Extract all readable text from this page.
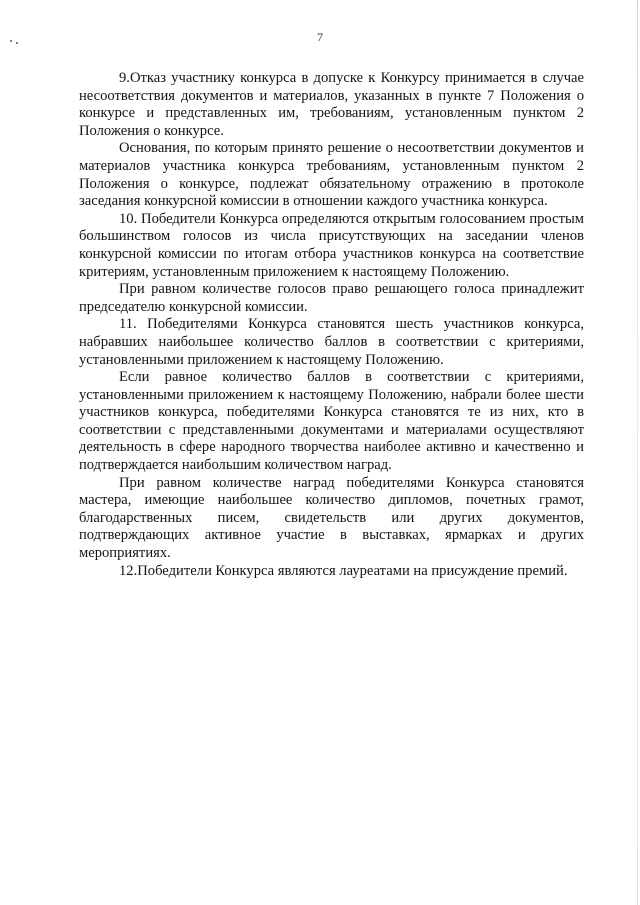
7

9.Отказ участнику конкурса в допуске к Конкурсу принимается в случае несоответствия документов и материалов, указанных в пункте 7 Положения о конкурсе и представленных им, требованиям, установленным пунктом 2 Положения о конкурсе.

Основания, по которым принято решение о несоответствии документов и материалов участника конкурса требованиям, установленным пунктом 2 Положения о конкурсе, подлежат обязательному отражению в протоколе заседания конкурсной комиссии в отношении каждого участника конкурса.

10. Победители Конкурса определяются открытым голосованием простым большинством голосов из числа присутствующих на заседании членов конкурсной комиссии по итогам отбора участников конкурса на соответствие критериям, установленным приложением к настоящему Положению.

При равном количестве голосов право решающего голоса принадлежит председателю конкурсной комиссии.

11. Победителями Конкурса становятся шесть участников конкурса, набравших наибольшее количество баллов в соответствии с критериями, установленными приложением к настоящему Положению.

Если равное количество баллов в соответствии с критериями, установленными приложением к настоящему Положению, набрали более шести участников конкурса, победителями Конкурса становятся те из них, кто в соответствии с представленными документами и материалами осуществляют деятельность в сфере народного творчества наиболее активно и качественно и подтверждается наибольшим количеством наград.

При равном количестве наград победителями Конкурса становятся мастера, имеющие наибольшее количество дипломов, почетных грамот, благодарственных писем, свидетельств или других документов, подтверждающих активное участие в выставках, ярмарках и других мероприятиях.

12.Победители Конкурса являются лауреатами на присуждение премий.
